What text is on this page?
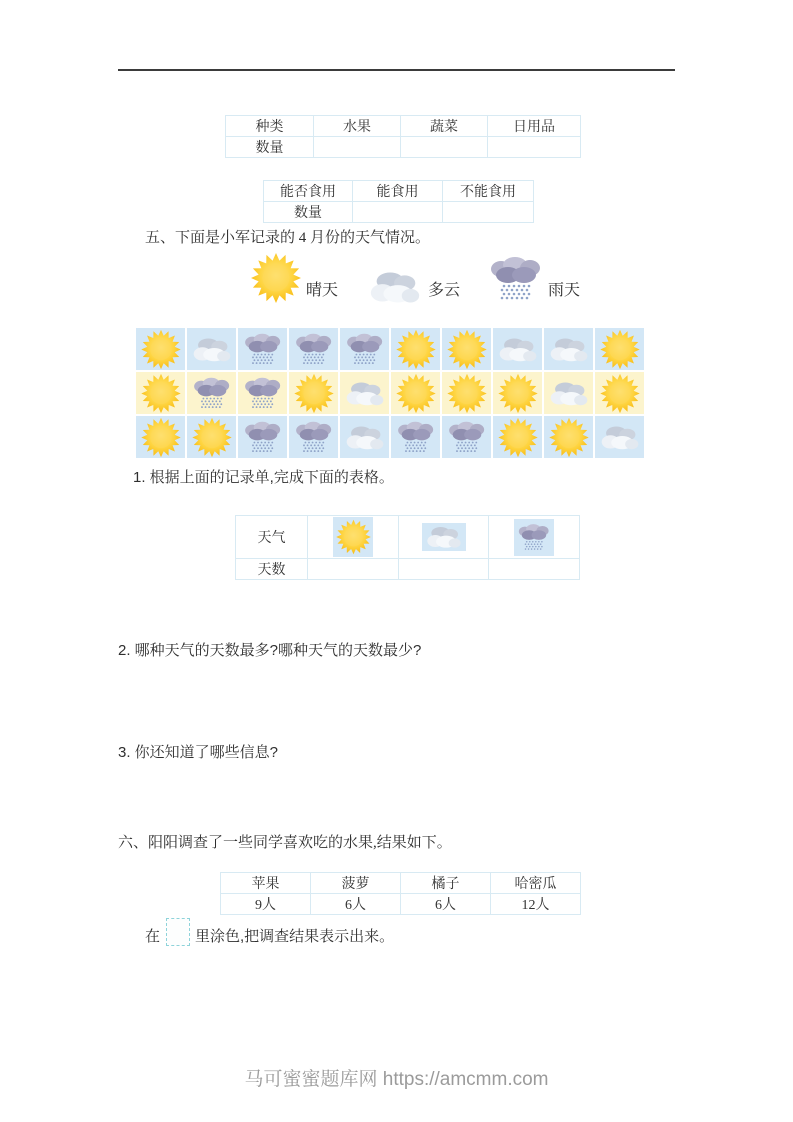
种类	水果	蔬菜	日用品
数量			
能否食用	能食用	不能食用
数量		
五、下面是小军记录的 4 月份的天气情况。
晴天	多云	雨天
1. 根据上面的记录单,完成下面的表格。
天气	

天数			
2. 哪种天气的天数最多?哪种天气的天数最少?
3. 你还知道了哪些信息?
六、阳阳调查了一些同学喜欢吃的水果,结果如下。
苹果	菠萝	橘子	哈密瓜
9人	6人	6人	12人
在 里涂色,把调查结果表示出来。
马可蜜蜜题库网 https://amcmm.com
